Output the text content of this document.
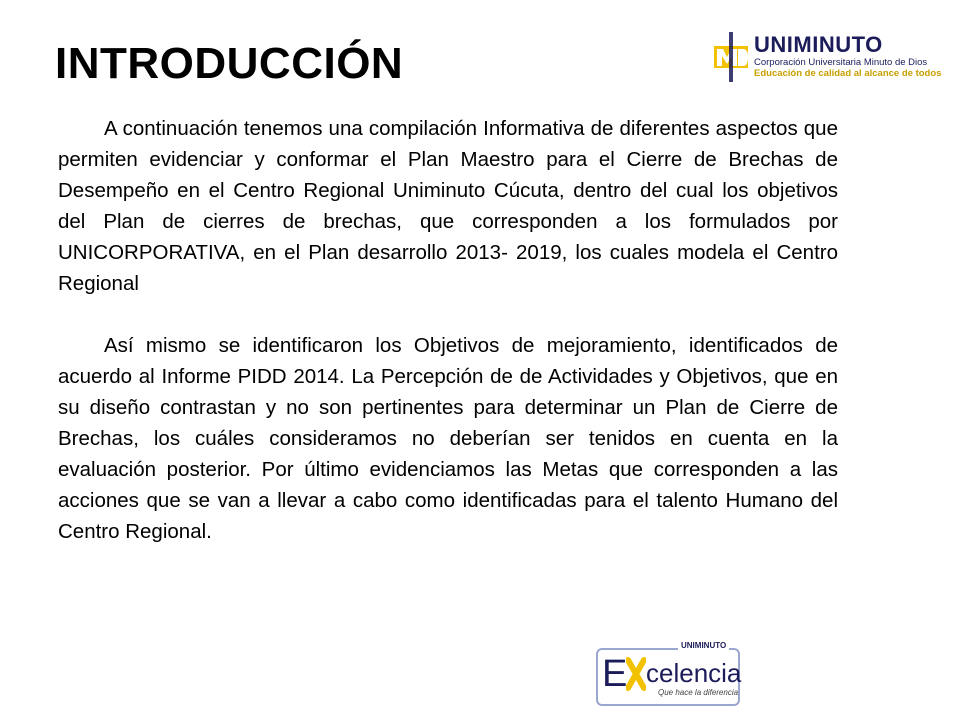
INTRODUCCIÓN	UNIMINUTO
Corporación Universitaria Minuto de Dios
Educación de calidad al alcance de todos

A continuación tenemos una compilación Informativa de diferentes aspectos que permiten evidenciar y conformar el Plan Maestro para el Cierre de Brechas de Desempeño en el Centro Regional Uniminuto Cúcuta, dentro del cual los objetivos del Plan de cierres de brechas, que corresponden a los formulados por UNICORPORATIVA, en el Plan desarrollo 2013- 2019, los cuales modela el Centro Regional

Así mismo se identificaron los Objetivos de mejoramiento, identificados de acuerdo al Informe PIDD 2014. La Percepción de de Actividades y Objetivos, que en su diseño contrastan y no son pertinentes para determinar un Plan de Cierre de Brechas, los cuáles consideramos no deberían ser tenidos en cuenta en la evaluación posterior. Por último evidenciamos las Metas que corresponden a las acciones que se van a llevar a cabo como identificadas para el talento Humano del Centro Regional.

UNIMINUTO
E celencia
Que hace la diferencia
